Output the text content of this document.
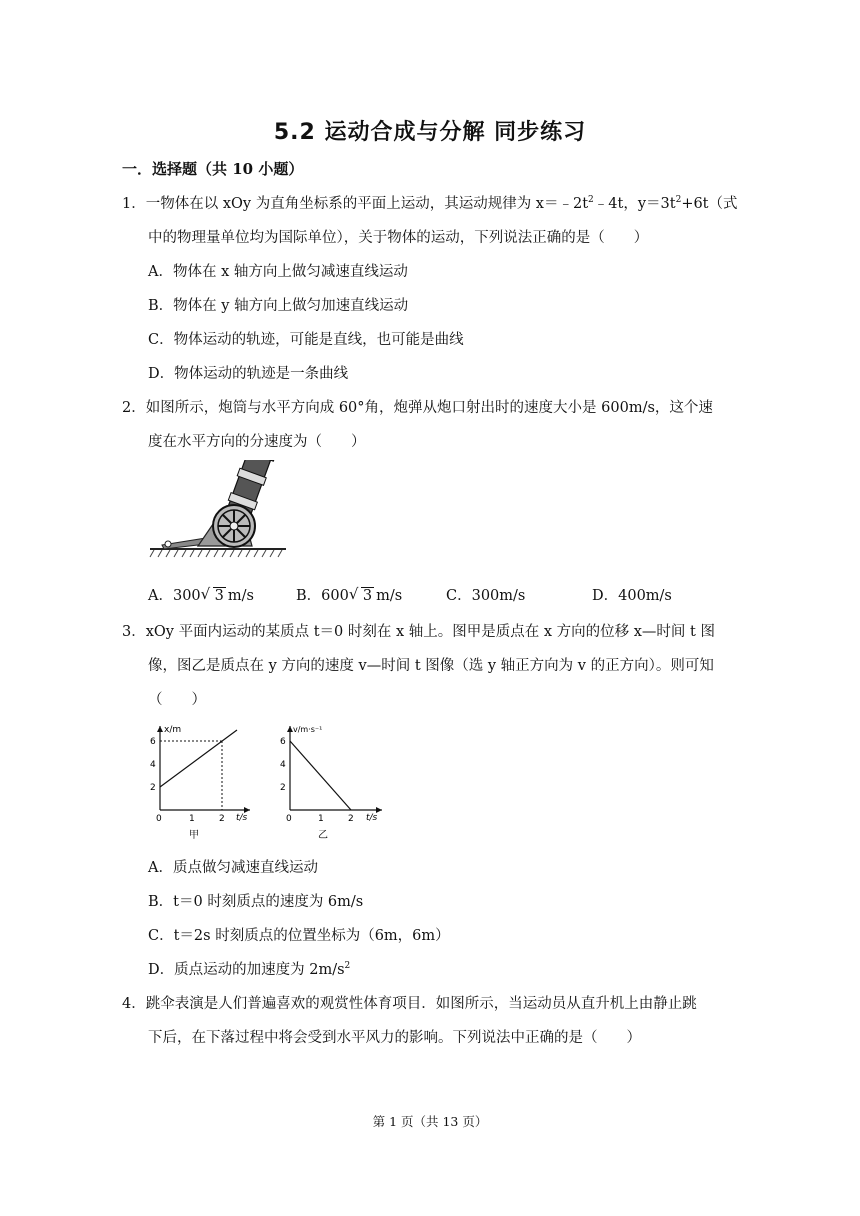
5.2 运动合成与分解 同步练习
一．选择题（共 10 小题）
1．一物体在以 xOy 为直角坐标系的平面上运动，其运动规律为 $x=﹣2t^2﹣4t$，$y=3t^2+6t$（式
中的物理量单位均为国际单位），关于物体的运动，下列说法正确的是（　　）
A．物体在 x 轴方向上做匀减速直线运动
B．物体在 y 轴方向上做匀加速直线运动
C．物体运动的轨迹，可能是直线，也可能是曲线
D．物体运动的轨迹是一条曲线
2．如图所示，炮筒与水平方向成 60°角，炮弹从炮口射出时的速度大小是 600m/s，这个速
度在水平方向的分速度为（　　）
A．300 √ 3 m/s	B．600 √ 3 m/s	C．300m/s	D．400m/s
3．xOy 平面内运动的某质点 t＝0 时刻在 x 轴上。图甲是质点在 x 方向的位移 x—时间 t 图
像，图乙是质点在 y 方向的速度 v—时间 t 图像（选 y 轴正方向为 v 的正方向）。则可知
（　　）
x/m
t/s
2
4
6
0	1	2
甲
v/m·s⁻¹
t/s
2
4
6
0	1	2
乙
A．质点做匀减速直线运动
B．t＝0 时刻质点的速度为 6m/s
C．t＝2s 时刻质点的位置坐标为（6m，6m）
D．质点运动的加速度为 $2m/s^2$
4．跳伞表演是人们普遍喜欢的观赏性体育项目．如图所示，当运动员从直升机上由静止跳
下后，在下落过程中将会受到水平风力的影响。下列说法中正确的是（　　）
第 1 页（共 13 页）
